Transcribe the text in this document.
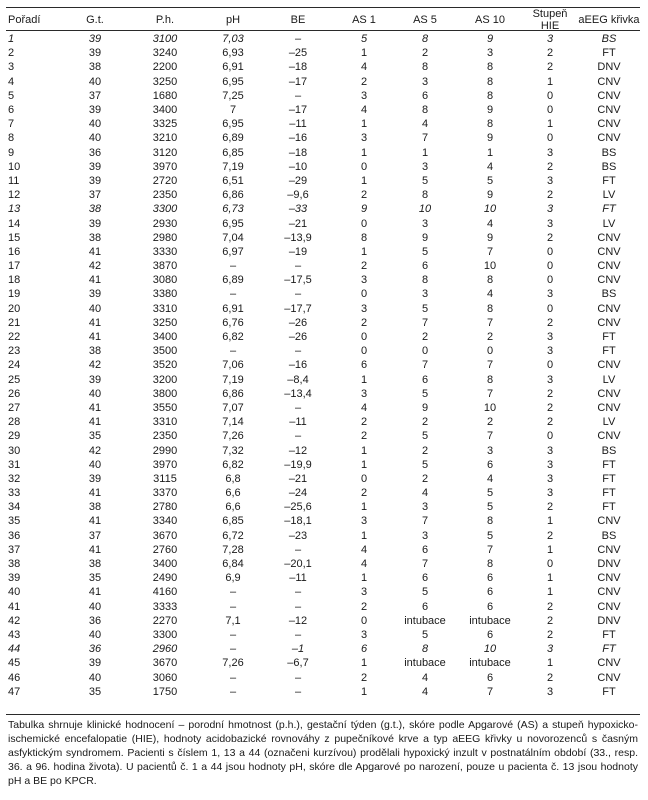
Pořadí	G.t.	P.h.	pH	BE	AS 1	AS 5	AS 10	Stupeň HIE	aEEG křivka
1	39	3100	7,03	–	5	8	9	3	BS
2	39	3240	6,93	–25	1	2	3	2	FT
3	38	2200	6,91	–18	4	8	8	2	DNV
4	40	3250	6,95	–17	2	3	8	1	CNV
5	37	1680	7,25	–	3	6	8	0	CNV
6	39	3400	7	–17	4	8	9	0	CNV
7	40	3325	6,95	–11	1	4	8	1	CNV
8	40	3210	6,89	–16	3	7	9	0	CNV
9	36	3120	6,85	–18	1	1	1	3	BS
10	39	3970	7,19	–10	0	3	4	2	BS
11	39	2720	6,51	–29	1	5	5	3	FT
12	37	2350	6,86	–9,6	2	8	9	2	LV
13	38	3300	6,73	–33	9	10	10	3	FT
14	39	2930	6,95	–21	0	3	4	3	LV
15	38	2980	7,04	–13,9	8	9	9	2	CNV
16	41	3330	6,97	–19	1	5	7	0	CNV
17	42	3870	–	–	2	6	10	0	CNV
18	41	3080	6,89	–17,5	3	8	8	0	CNV
19	39	3380	–	–	0	3	4	3	BS
20	40	3310	6,91	–17,7	3	5	8	0	CNV
21	41	3250	6,76	–26	2	7	7	2	CNV
22	41	3400	6,82	–26	0	2	2	3	FT
23	38	3500	–	–	0	0	0	3	FT
24	42	3520	7,06	–16	6	7	7	0	CNV
25	39	3200	7,19	–8,4	1	6	8	3	LV
26	40	3800	6,86	–13,4	3	5	7	2	CNV
27	41	3550	7,07	–	4	9	10	2	CNV
28	41	3310	7,14	–11	2	2	2	2	LV
29	35	2350	7,26	–	2	5	7	0	CNV
30	42	2990	7,32	–12	1	2	3	3	BS
31	40	3970	6,82	–19,9	1	5	6	3	FT
32	39	3115	6,8	–21	0	2	4	3	FT
33	41	3370	6,6	–24	2	4	5	3	FT
34	38	2780	6,6	–25,6	1	3	5	2	FT
35	41	3340	6,85	–18,1	3	7	8	1	CNV
36	37	3670	6,72	–23	1	3	5	2	BS
37	41	2760	7,28	–	4	6	7	1	CNV
38	38	3400	6,84	–20,1	4	7	8	0	DNV
39	35	2490	6,9	–11	1	6	6	1	CNV
40	41	4160	–	–	3	5	6	1	CNV
41	40	3333	–	–	2	6	6	2	CNV
42	36	2270	7,1	–12	0	intubace	intubace	2	DNV
43	40	3300	–	–	3	5	6	2	FT
44	36	2960	–	–1	6	8	10	3	FT
45	39	3670	7,26	–6,7	1	intubace	intubace	1	CNV
46	40	3060	–	–	2	4	6	2	CNV
47	35	1750	–	–	1	4	7	3	FT
Tabulka shrnuje klinické hodnocení – porodní hmotnost (p.h.), gestační týden (g.t.), skóre podle Apgarové (AS) a stupeň hypoxicko-ischemické encefalopatie (HIE), hodnoty acidobazické rovnováhy z pupečníkové krve a typ aEEG křivky u novorozenců s časným asfyktickým syndromem. Pacienti s číslem 1, 13 a 44 (označeni kurzívou) prodělali hypoxický inzult v postnatálním období (33., resp. 36. a 96. hodina života). U pacientů č. 1 a 44 jsou hodnoty pH, skóre dle Apgarové po narození, pouze u pacienta č. 13 jsou hodnoty pH a BE po KPCR.
